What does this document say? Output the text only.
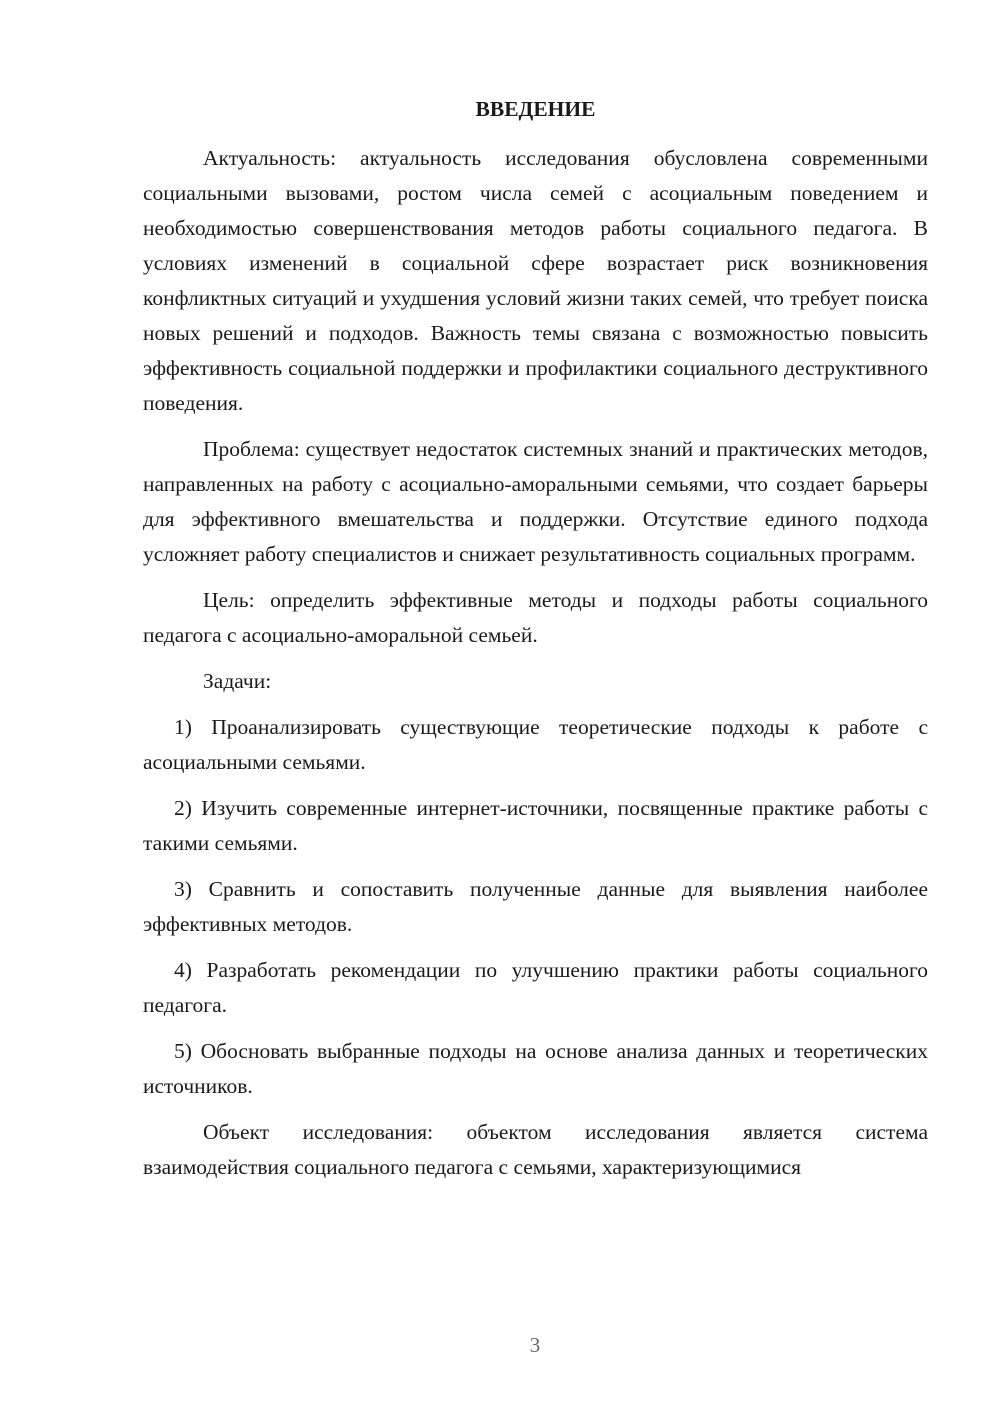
ВВЕДЕНИЕ

Актуальность: актуальность исследования обусловлена современными социальными вызовами, ростом числа семей с асоциальным поведением и необходимостью совершенствования методов работы социального педагога. В условиях изменений в социальной сфере возрастает риск возникновения конфликтных ситуаций и ухудшения условий жизни таких семей, что требует поиска новых решений и подходов. Важность темы связана с возможностью повысить эффективность социальной поддержки и профилактики социального деструктивного поведения.

Проблема: существует недостаток системных знаний и практических методов, направленных на работу с асоциально-аморальными семьями, что создает барьеры для эффективного вмешательства и поддержки. Отсутствие единого подхода усложняет работу специалистов и снижает результативность социальных программ.

Цель: определить эффективные методы и подходы работы социального педагога с асоциально-аморальной семьей.

Задачи:

1) Проанализировать существующие теоретические подходы к работе с асоциальными семьями.

2) Изучить современные интернет-источники, посвященные практике работы с такими семьями.

3) Сравнить и сопоставить полученные данные для выявления наиболее эффективных методов.

4) Разработать рекомендации по улучшению практики работы социального педагога.

5) Обосновать выбранные подходы на основе анализа данных и теоретических источников.

Объект исследования: объектом исследования является система взаимодействия социального педагога с семьями, характеризующимися

3
